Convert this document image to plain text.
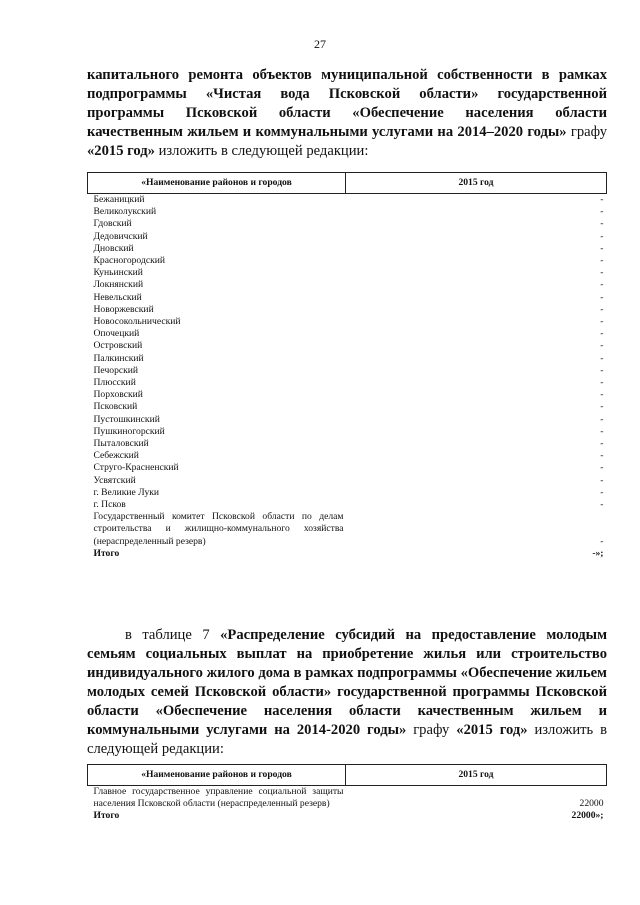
27
капитального ремонта объектов муниципальной собственности в рамках подпрограммы «Чистая вода Псковской области» государственной программы Псковской области «Обеспечение населения области качественным жильем и коммунальными услугами на 2014–2020 годы» графу «2015 год» изложить в следующей редакции:
«Наименование районов и городов	2015 год
Бежаницкий	-
Великолукский	-
Гдовский	-
Дедовичский	-
Дновский	-
Красногородский	-
Куньинский	-
Локнянский	-
Невельский	-
Новоржевский	-
Новосокольнический	-
Опочецкий	-
Островский	-
Палкинский	-
Печорский	-
Плюсский	-
Порховский	-
Псковский	-
Пустошкинский	-
Пушкиногорский	-
Пыталовский	-
Себежский	-
Струго-Красненский	-
Усвятский	-
г. Великие Луки	-
г. Псков	-
Государственный комитет Псковской области по делам строительства и жилищно-коммунального хозяйства (нераспределенный резерв)	-
Итого	-»;
в таблице 7 «Распределение субсидий на предоставление молодым семьям социальных выплат на приобретение жилья или строительство индивидуального жилого дома в рамках подпрограммы «Обеспечение жильем молодых семей Псковской области» государственной программы Псковской области «Обеспечение населения области качественным жильем и коммунальными услугами на 2014-2020 годы» графу «2015 год» изложить в следующей редакции:
«Наименование районов и городов	2015 год
Главное государственное управление социальной защиты населения Псковской области (нераспределенный резерв)	22000
Итого	22000»;
